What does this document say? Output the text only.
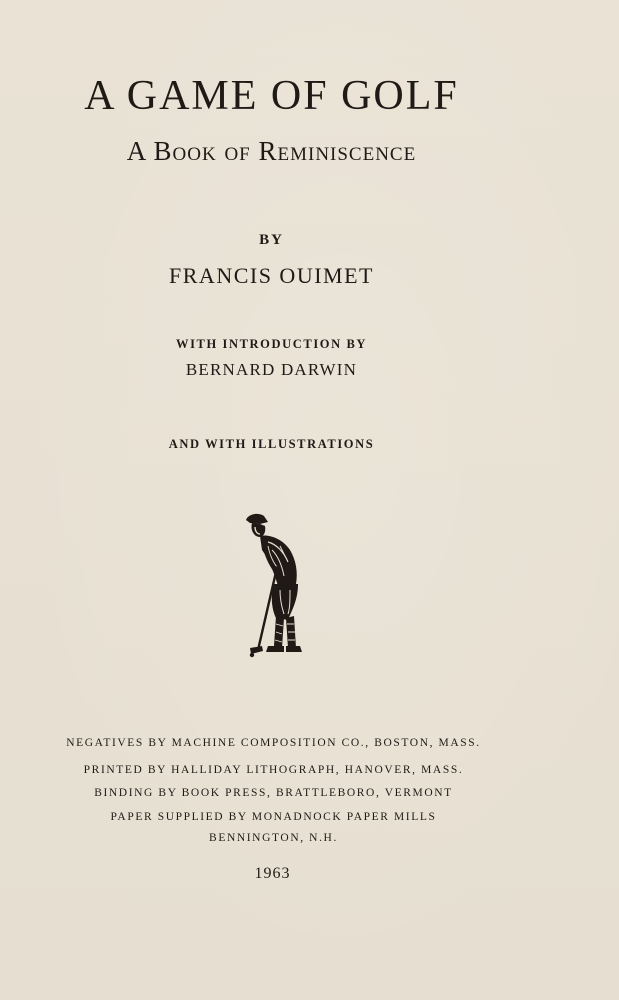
A GAME OF GOLF
A Book of Reminiscence
BY
FRANCIS OUIMET
WITH INTRODUCTION BY
BERNARD DARWIN
AND WITH ILLUSTRATIONS
NEGATIVES BY MACHINE COMPOSITION CO., BOSTON, MASS.
PRINTED BY HALLIDAY LITHOGRAPH, HANOVER, MASS.
BINDING BY BOOK PRESS, BRATTLEBORO, VERMONT
PAPER SUPPLIED BY MONADNOCK PAPER MILLS
BENNINGTON, N.H.
1963
